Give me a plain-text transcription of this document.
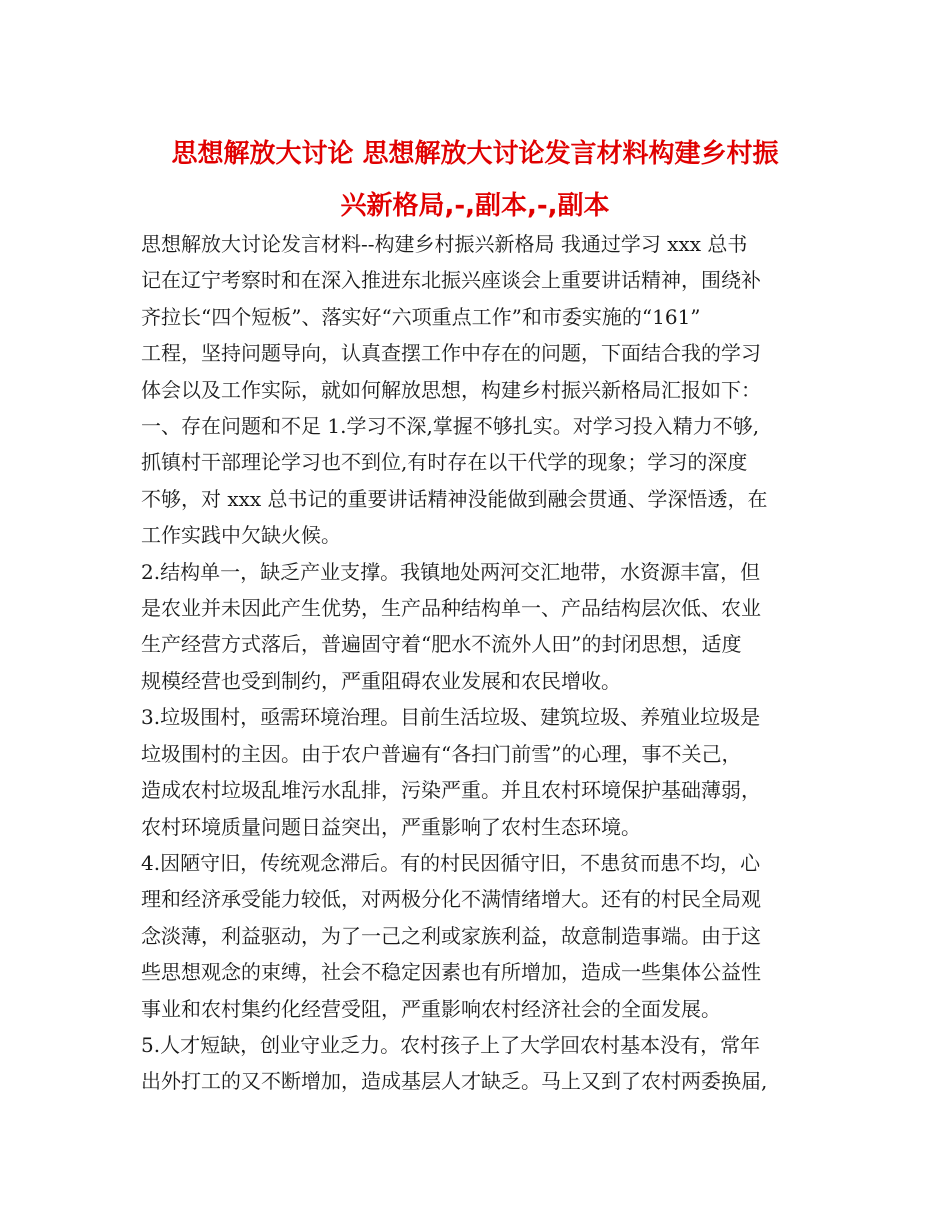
思想解放大讨论 思想解放大讨论发言材料构建乡村振
兴新格局,-,副本,-,副本

思想解放大讨论发言材料--构建乡村振兴新格局 我通过学习 xxx 总书
记在辽宁考察时和在深入推进东北振兴座谈会上重要讲话精神，围绕补
齐拉长“四个短板”、落实好“六项重点工作”和市委实施的“161”
工程，坚持问题导向，认真查摆工作中存在的问题，下面结合我的学习
体会以及工作实际，就如何解放思想，构建乡村振兴新格局汇报如下：
一、存在问题和不足 1.学习不深,掌握不够扎实。对学习投入精力不够,
抓镇村干部理论学习也不到位,有时存在以干代学的现象；学习的深度
不够，对 xxx 总书记的重要讲话精神没能做到融会贯通、学深悟透，在
工作实践中欠缺火候。

2.结构单一，缺乏产业支撑。我镇地处两河交汇地带，水资源丰富，但
是农业并未因此产生优势，生产品种结构单一、产品结构层次低、农业
生产经营方式落后，普遍固守着“肥水不流外人田”的封闭思想，适度
规模经营也受到制约，严重阻碍农业发展和农民增收。

3.垃圾围村，亟需环境治理。目前生活垃圾、建筑垃圾、养殖业垃圾是
垃圾围村的主因。由于农户普遍有“各扫门前雪”的心理，事不关己，
造成农村垃圾乱堆污水乱排，污染严重。并且农村环境保护基础薄弱，
农村环境质量问题日益突出，严重影响了农村生态环境。

4.因陋守旧，传统观念滞后。有的村民因循守旧，不患贫而患不均，心
理和经济承受能力较低，对两极分化不满情绪增大。还有的村民全局观
念淡薄，利益驱动，为了一己之利或家族利益，故意制造事端。由于这
些思想观念的束缚，社会不稳定因素也有所增加，造成一些集体公益性
事业和农村集约化经营受阻，严重影响农村经济社会的全面发展。

5.人才短缺，创业守业乏力。农村孩子上了大学回农村基本没有，常年
出外打工的又不断增加，造成基层人才缺乏。马上又到了农村两委换届,
